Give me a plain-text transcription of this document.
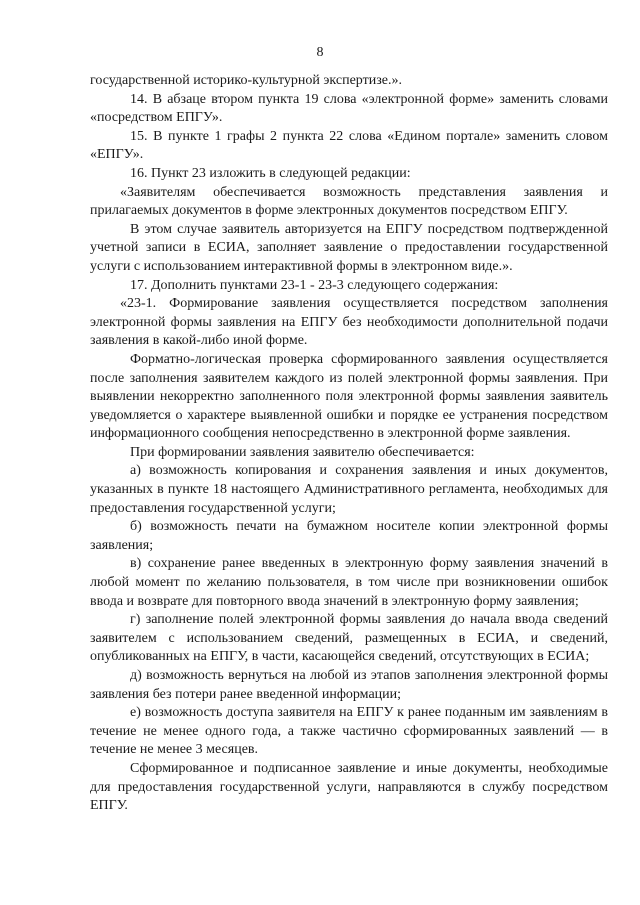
8

государственной историко-культурной экспертизе.».

14. В абзаце втором пункта 19 слова «электронной форме» заменить словами «посредством ЕПГУ».

15. В пункте 1 графы 2 пункта 22 слова «Едином портале» заменить словом «ЕПГУ».

16. Пункт 23 изложить в следующей редакции:

«Заявителям обеспечивается возможность представления заявления и прилагаемых документов в форме электронных документов посредством ЕПГУ.

В этом случае заявитель авторизуется на ЕПГУ посредством подтвержденной учетной записи в ЕСИА, заполняет заявление о предоставлении государственной услуги с использованием интерактивной формы в электронном виде.».

17. Дополнить пунктами 23-1 - 23-3 следующего содержания:

«23-1. Формирование заявления осуществляется посредством заполнения электронной формы заявления на ЕПГУ без необходимости дополнительной подачи заявления в какой-либо иной форме.

Форматно-логическая проверка сформированного заявления осуществляется после заполнения заявителем каждого из полей электронной формы заявления. При выявлении некорректно заполненного поля электронной формы заявления заявитель уведомляется о характере выявленной ошибки и порядке ее устранения посредством информационного сообщения непосредственно в электронной форме заявления.

При формировании заявления заявителю обеспечивается:

а) возможность копирования и сохранения заявления и иных документов, указанных в пункте 18 настоящего Административного регламента, необходимых для предоставления государственной услуги;

б) возможность печати на бумажном носителе копии электронной формы заявления;

в) сохранение ранее введенных в электронную форму заявления значений в любой момент по желанию пользователя, в том числе при возникновении ошибок ввода и возврате для повторного ввода значений в электронную форму заявления;

г) заполнение полей электронной формы заявления до начала ввода сведений заявителем с использованием сведений, размещенных в ЕСИА, и сведений, опубликованных на ЕПГУ, в части, касающейся сведений, отсутствующих в ЕСИА;

д) возможность вернуться на любой из этапов заполнения электронной формы заявления без потери ранее введенной информации;

е) возможность доступа заявителя на ЕПГУ к ранее поданным им заявлениям в течение не менее одного года, а также частично сформированных заявлений — в течение не менее 3 месяцев.

Сформированное и подписанное заявление и иные документы, необходимые для предоставления государственной услуги, направляются в службу посредством ЕПГУ.
